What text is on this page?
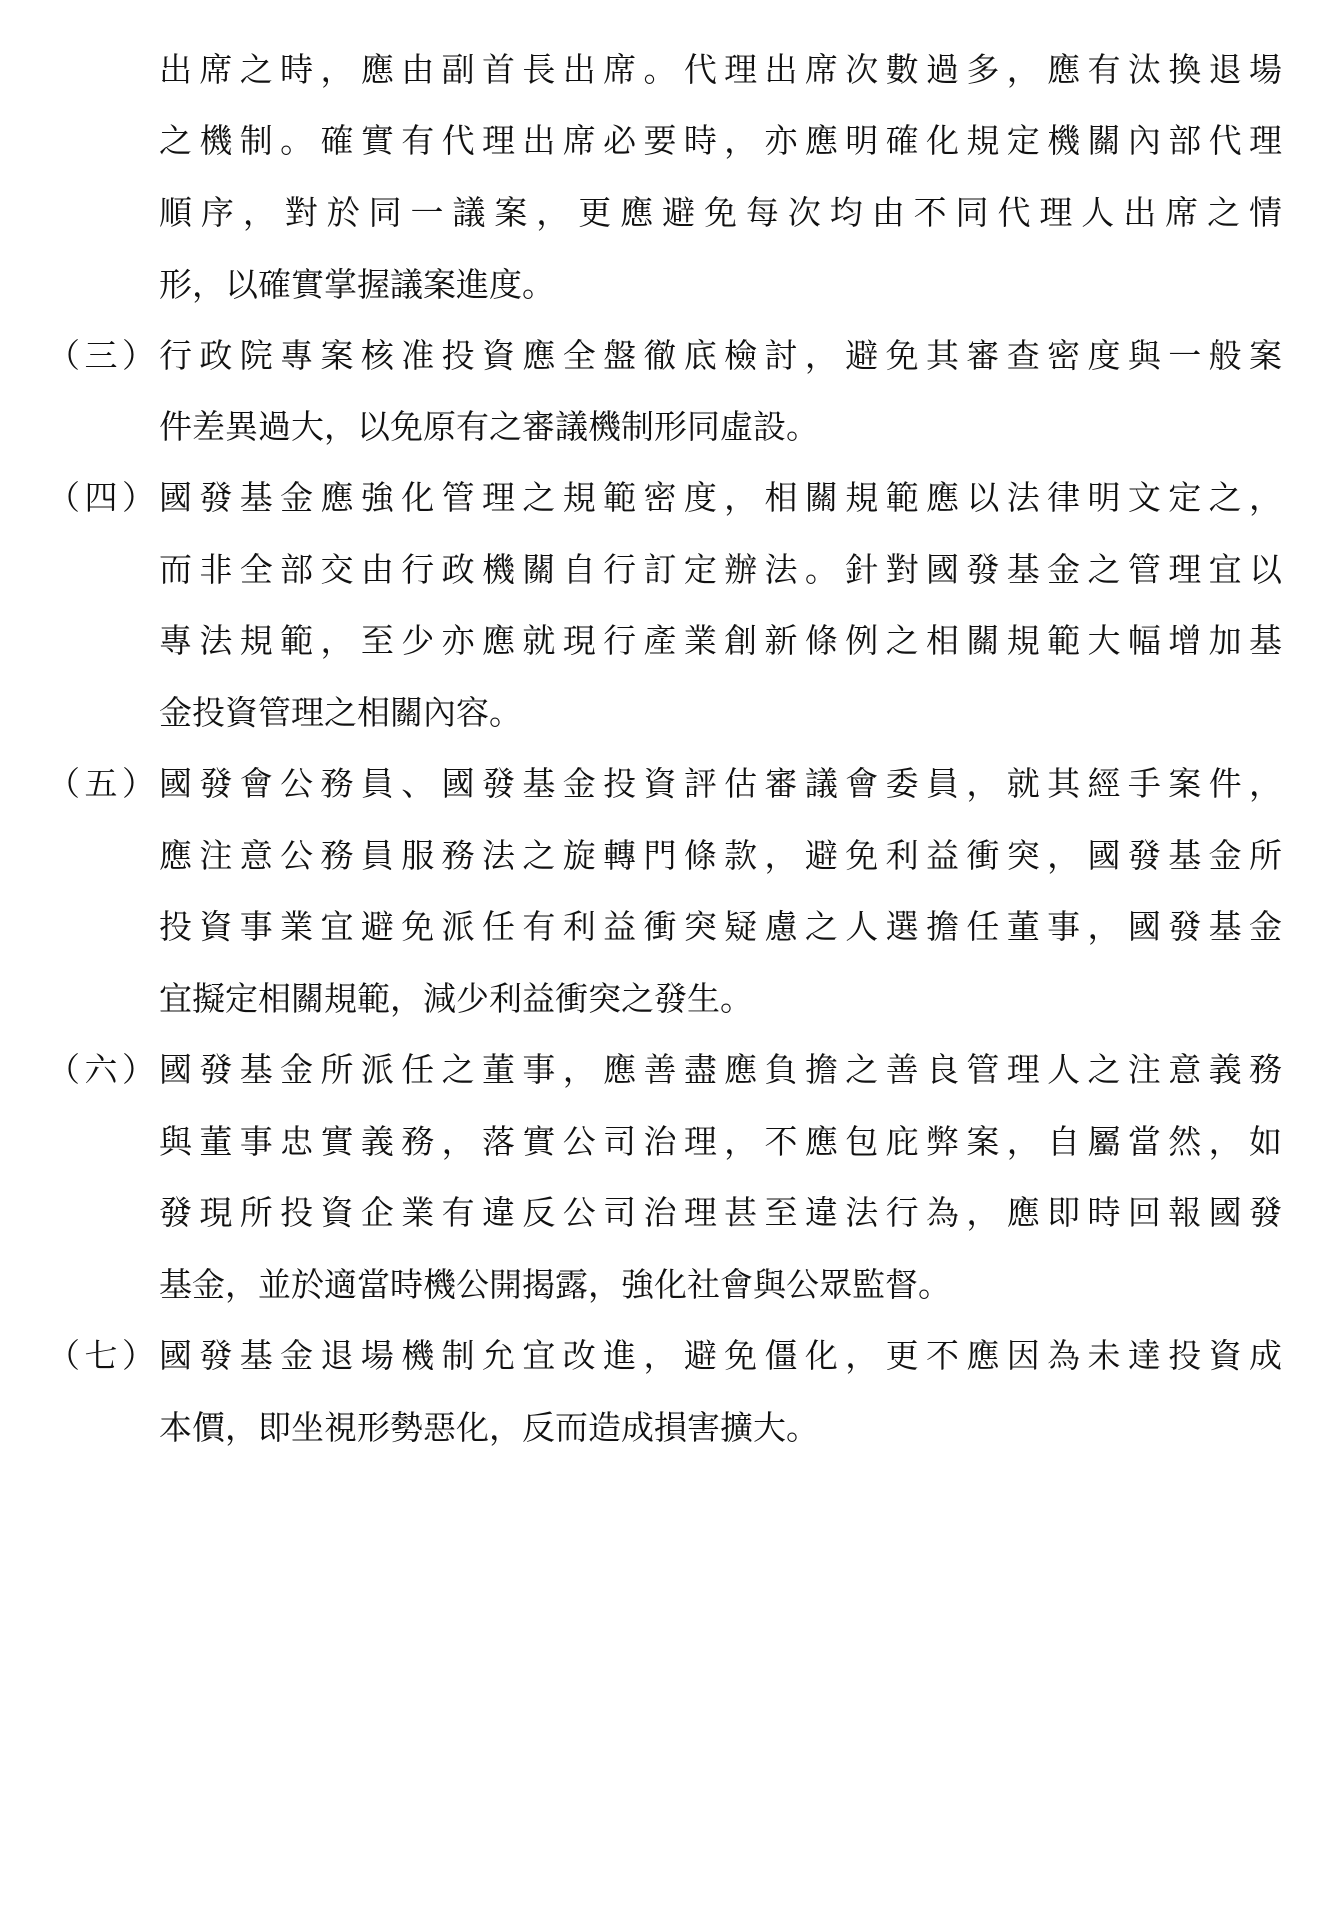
出席之時，應由副首長出席。代理出席次數過多，應有汰換退場
之機制。確實有代理出席必要時，亦應明確化規定機關內部代理
順序，對於同一議案，更應避免每次均由不同代理人出席之情
形，以確實掌握議案進度。
（三） 行政院專案核准投資應全盤徹底檢討，避免其審查密度與一般案
件差異過大，以免原有之審議機制形同虛設。
（四） 國發基金應強化管理之規範密度，相關規範應以法律明文定之，
而非全部交由行政機關自行訂定辦法。針對國發基金之管理宜以
專法規範，至少亦應就現行產業創新條例之相關規範大幅增加基
金投資管理之相關內容。
（五） 國發會公務員、國發基金投資評估審議會委員，就其經手案件，
應注意公務員服務法之旋轉門條款，避免利益衝突，國發基金所
投資事業宜避免派任有利益衝突疑慮之人選擔任董事，國發基金
宜擬定相關規範，減少利益衝突之發生。
（六） 國發基金所派任之董事，應善盡應負擔之善良管理人之注意義務
與董事忠實義務，落實公司治理，不應包庇弊案，自屬當然，如
發現所投資企業有違反公司治理甚至違法行為，應即時回報國發
基金，並於適當時機公開揭露，強化社會與公眾監督。
（七） 國發基金退場機制允宜改進，避免僵化，更不應因為未達投資成
本價，即坐視形勢惡化，反而造成損害擴大。
